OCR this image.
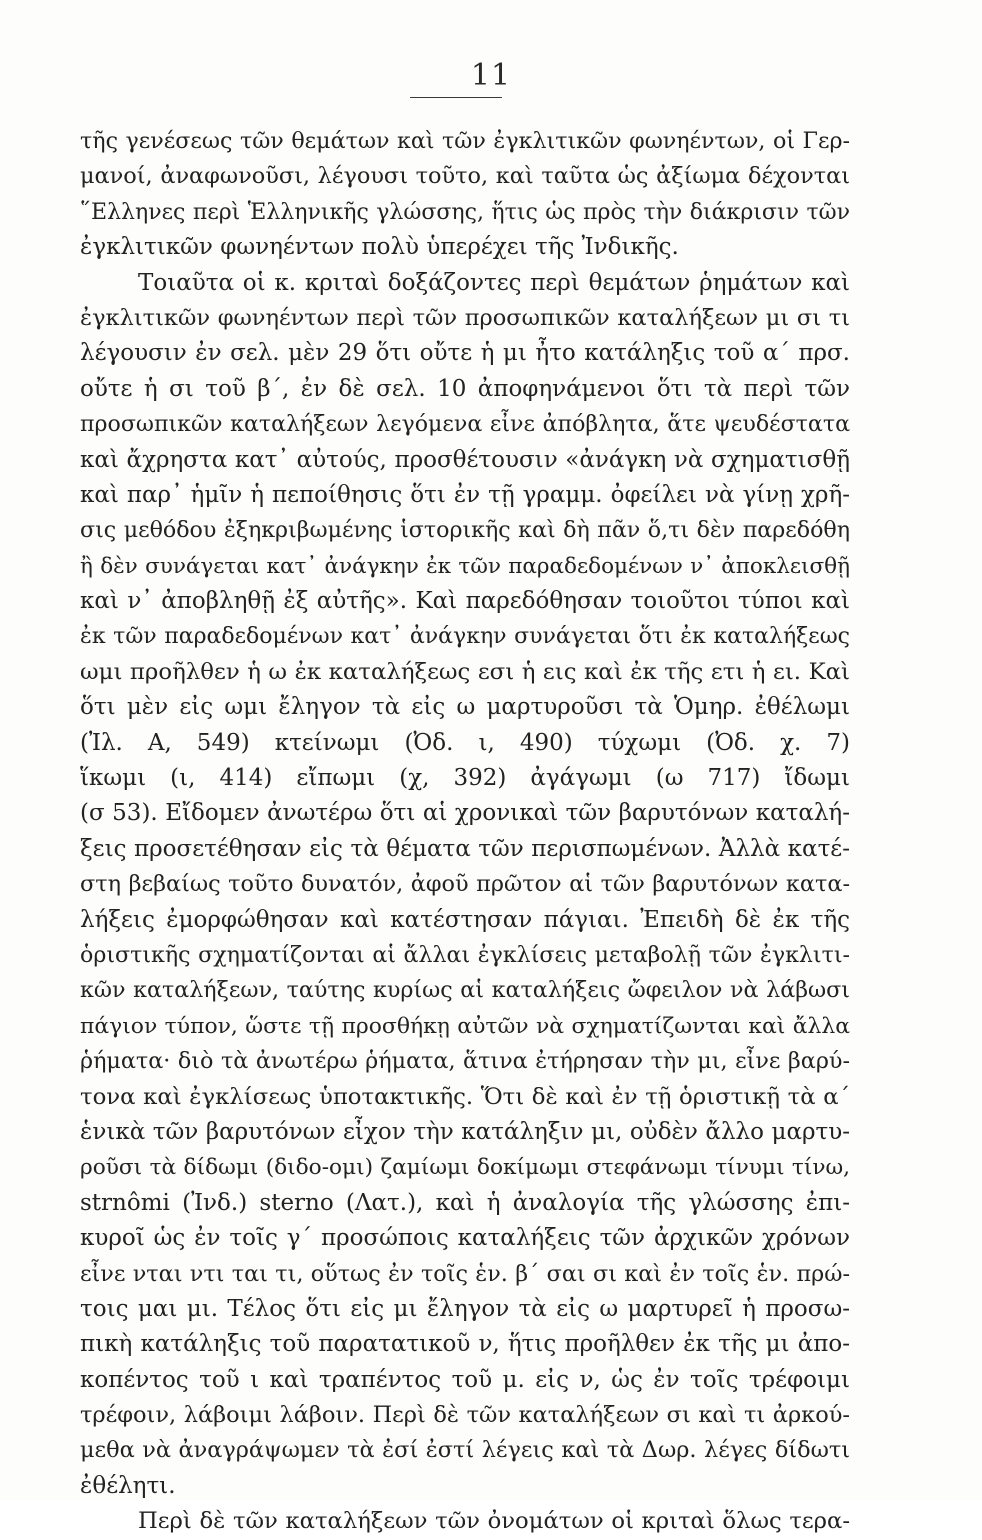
11
τῆς γενέσεως τῶν θεμάτων καὶ τῶν ἐγκλιτικῶν φωνηέντων, οἱ Γερ-
μανοί, ἀναφωνοῦσι, λέγουσι τοῦτο, καὶ ταῦτα ὡς ἀξίωμα δέχονται
῞Ελληνες περὶ Ἑλληνικῆς γλώσσης, ἥτις ὡς πρὸς τὴν διάκρισιν τῶν
ἐγκλιτικῶν φωνηέντων πολὺ ὑπερέχει τῆς Ἰνδικῆς.
Τοιαῦτα οἱ κ. κριταὶ δοξάζοντες περὶ θεμάτων ῥημάτων καὶ
ἐγκλιτικῶν φωνηέντων περὶ τῶν προσωπικῶν καταλήξεων μι σι τι
λέγουσιν ἐν σελ. μὲν 29 ὅτι οὔτε ἡ μι ἦτο κατάληξις τοῦ α΄ πρσ.
οὔτε ἡ σι τοῦ β΄, ἐν δὲ σελ. 10 ἀποφηνάμενοι ὅτι τὰ περὶ τῶν
προσωπικῶν καταλήξεων λεγόμενα εἶνε ἀπόβλητα, ἅτε ψευδέστατα
καὶ ἄχρηστα κατ᾽ αὐτούς, προσθέτουσιν «ἀνάγκη νὰ σχηματισθῇ
καὶ παρ᾽ ἡμῖν ἡ πεποίθησις ὅτι ἐν τῇ γραμμ. ὀφείλει νὰ γίνῃ χρῆ-
σις μεθόδου ἐξηκριβωμένης ἱστορικῆς καὶ δὴ πᾶν ὅ,τι δὲν παρεδόθη
ἢ δὲν συνάγεται κατ᾽ ἀνάγκην ἐκ τῶν παραδεδομένων ν᾽ ἀποκλεισθῇ
καὶ ν᾽ ἀποβληθῇ ἐξ αὐτῆς». Καὶ παρεδόθησαν τοιοῦτοι τύποι καὶ
ἐκ τῶν παραδεδομένων κατ᾽ ἀνάγκην συνάγεται ὅτι ἐκ καταλήξεως
ωμι προῆλθεν ἡ ω ἐκ καταλήξεως εσι ἡ εις καὶ ἐκ τῆς ετι ἡ ει. Καὶ
ὅτι μὲν εἰς ωμι ἔληγον τὰ εἰς ω μαρτυροῦσι τὰ Ὁμηρ. ἐθέλωμι
(Ἰλ. Α, 549) κτείνωμι (Ὀδ. ι, 490) τύχωμι (Ὀδ. χ. 7)
ἵκωμι (ι, 414) εἴπωμι (χ, 392) ἀγάγωμι (ω 717) ἴδωμι
(σ 53). Εἴδομεν ἀνωτέρω ὅτι αἱ χρονικαὶ τῶν βαρυτόνων καταλή-
ξεις προσετέθησαν εἰς τὰ θέματα τῶν περισπωμένων. Ἀλλὰ κατέ-
στη βεβαίως τοῦτο δυνατόν, ἀφοῦ πρῶτον αἱ τῶν βαρυτόνων κατα-
λήξεις ἐμορφώθησαν καὶ κατέστησαν πάγιαι. Ἐπειδὴ δὲ ἐκ τῆς
ὁριστικῆς σχηματίζονται αἱ ἄλλαι ἐγκλίσεις μεταβολῇ τῶν ἐγκλιτι-
κῶν καταλήξεων, ταύτης κυρίως αἱ καταλήξεις ὤφειλον νὰ λάβωσι
πάγιον τύπον, ὥστε τῇ προσθήκῃ αὐτῶν νὰ σχηματίζωνται καὶ ἄλλα
ῥήματα· διὸ τὰ ἀνωτέρω ῥήματα, ἅτινα ἐτήρησαν τὴν μι, εἶνε βαρύ-
τονα καὶ ἐγκλίσεως ὑποτακτικῆς. Ὅτι δὲ καὶ ἐν τῇ ὁριστικῇ τὰ α΄
ἑνικὰ τῶν βαρυτόνων εἶχον τὴν κατάληξιν μι, οὐδὲν ἄλλο μαρτυ-
ροῦσι τὰ δίδωμι (διδο-ομι) ζαμίωμι δοκίμωμι στεφάνωμι τίνυμι τίνω,
strnômi (Ἰνδ.) sterno (Λατ.), καὶ ἡ ἀναλογία τῆς γλώσσης ἐπι-
κυροῖ ὡς ἐν τοῖς γ΄ προσώποις καταλήξεις τῶν ἀρχικῶν χρόνων
εἶνε νται ντι ται τι, οὕτως ἐν τοῖς ἑν. β΄ σαι σι καὶ ἐν τοῖς ἑν. πρώ-
τοις μαι μι. Τέλος ὅτι εἰς μι ἔληγον τὰ εἰς ω μαρτυρεῖ ἡ προσω-
πικὴ κατάληξις τοῦ παρατατικοῦ ν, ἥτις προῆλθεν ἐκ τῆς μι ἀπο-
κοπέντος τοῦ ι καὶ τραπέντος τοῦ μ. εἰς ν, ὡς ἐν τοῖς τρέφοιμι
τρέφοιν, λάβοιμι λάβοιν. Περὶ δὲ τῶν καταλήξεων σι καὶ τι ἀρκού-
μεθα νὰ ἀναγράψωμεν τὰ ἐσί ἐστί λέγεις καὶ τὰ Δωρ. λέγες δίδωτι
ἐθέλητι.
Περὶ δὲ τῶν καταλήξεων τῶν ὀνομάτων οἱ κριταὶ ὅλως τερα-
